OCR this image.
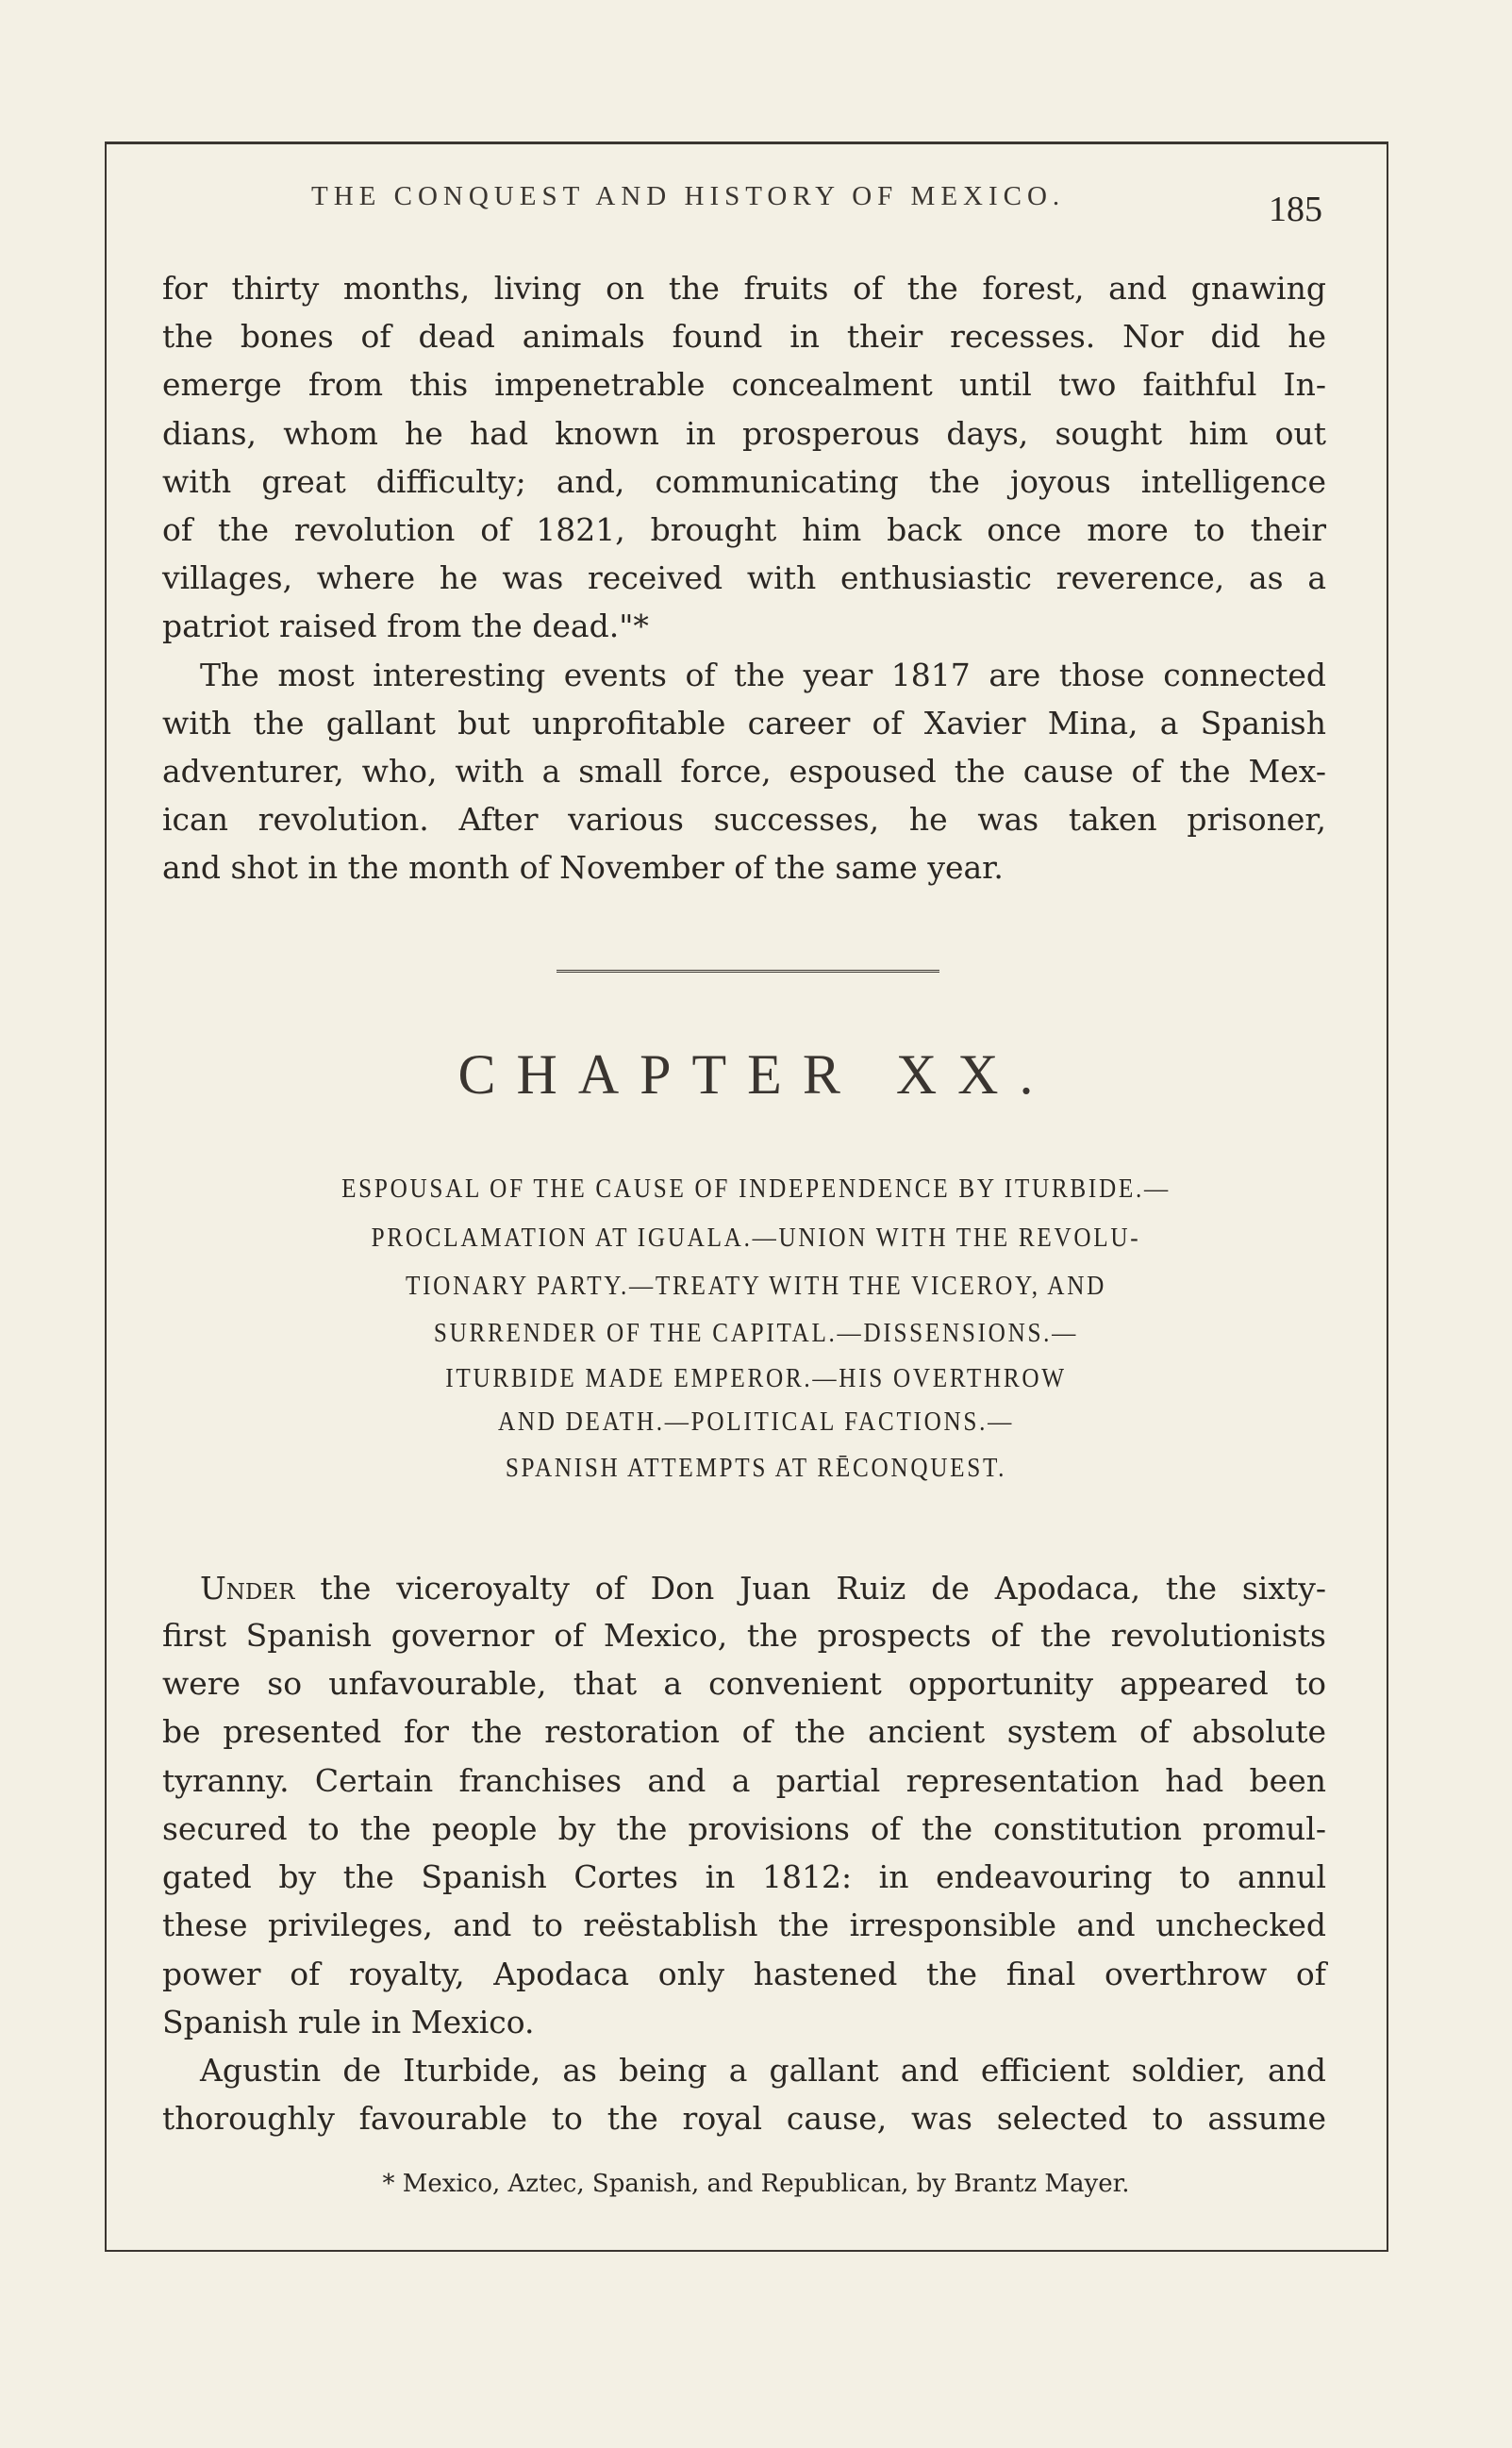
THE CONQUEST AND HISTORY OF MEXICO.	185
for thirty months, living on the fruits of the forest, and gnawing
the bones of dead animals found in their recesses. Nor did he
emerge from this impenetrable concealment until two faithful In-
dians, whom he had known in prosperous days, sought him out
with great difficulty; and, communicating the joyous intelligence
of the revolution of 1821, brought him back once more to their
villages, where he was received with enthusiastic reverence, as a
patriot raised from the dead."*
The most interesting events of the year 1817 are those connected
with the gallant but unprofitable career of Xavier Mina, a Spanish
adventurer, who, with a small force, espoused the cause of the Mex-
ican revolution. After various successes, he was taken prisoner,
and shot in the month of November of the same year.
CHAPTER XX.
ESPOUSAL OF THE CAUSE OF INDEPENDENCE BY ITURBIDE.—
PROCLAMATION AT IGUALA.—UNION WITH THE REVOLU-
TIONARY PARTY.—TREATY WITH THE VICEROY, AND
SURRENDER OF THE CAPITAL.—DISSENSIONS.—
ITURBIDE MADE EMPEROR.—HIS OVERTHROW
AND DEATH.—POLITICAL FACTIONS.—
SPANISH ATTEMPTS AT RĒCONQUEST.
Under the viceroyalty of Don Juan Ruiz de Apodaca, the sixty-
first Spanish governor of Mexico, the prospects of the revolutionists
were so unfavourable, that a convenient opportunity appeared to
be presented for the restoration of the ancient system of absolute
tyranny. Certain franchises and a partial representation had been
secured to the people by the provisions of the constitution promul-
gated by the Spanish Cortes in 1812: in endeavouring to annul
these privileges, and to reëstablish the irresponsible and unchecked
power of royalty, Apodaca only hastened the final overthrow of
Spanish rule in Mexico.
Agustin de Iturbide, as being a gallant and efficient soldier, and
thoroughly favourable to the royal cause, was selected to assume
* Mexico, Aztec, Spanish, and Republican, by Brantz Mayer.
